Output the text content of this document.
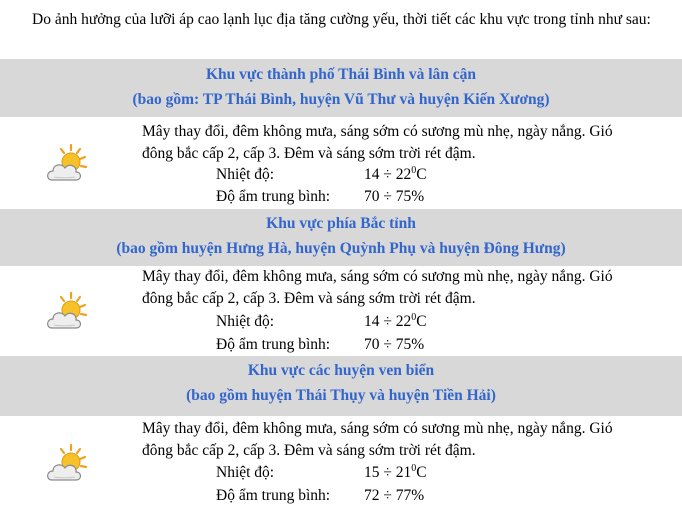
Do ảnh hưởng của lưỡi áp cao lạnh lục địa tăng cường yếu, thời tiết các khu vực trong tỉnh như sau:

Khu vực thành phố Thái Bình và lân cận
(bao gồm: TP Thái Bình, huyện Vũ Thư và huyện Kiến Xương)
Mây thay đổi, đêm không mưa, sáng sớm có sương mù nhẹ, ngày nắng. Gió
đông bắc cấp 2, cấp 3. Đêm và sáng sớm trời rét đậm.
Nhiệt độ:	$14 \div 22^0C$
Độ ẩm trung bình: 70 ÷ 75%
Khu vực phía Bắc tỉnh
(bao gồm huyện Hưng Hà, huyện Quỳnh Phụ và huyện Đông Hưng)
Mây thay đổi, đêm không mưa, sáng sớm có sương mù nhẹ, ngày nắng. Gió
đông bắc cấp 2, cấp 3. Đêm và sáng sớm trời rét đậm.
Nhiệt độ:	$14 \div 22^0C$
Độ ẩm trung bình: 70 ÷ 75%
Khu vực các huyện ven biển
(bao gồm huyện Thái Thụy và huyện Tiền Hải)
Mây thay đổi, đêm không mưa, sáng sớm có sương mù nhẹ, ngày nắng. Gió
đông bắc cấp 2, cấp 3. Đêm và sáng sớm trời rét đậm.
Nhiệt độ:	$15 \div 21^0C$
Độ ẩm trung bình: 72 ÷ 77%
